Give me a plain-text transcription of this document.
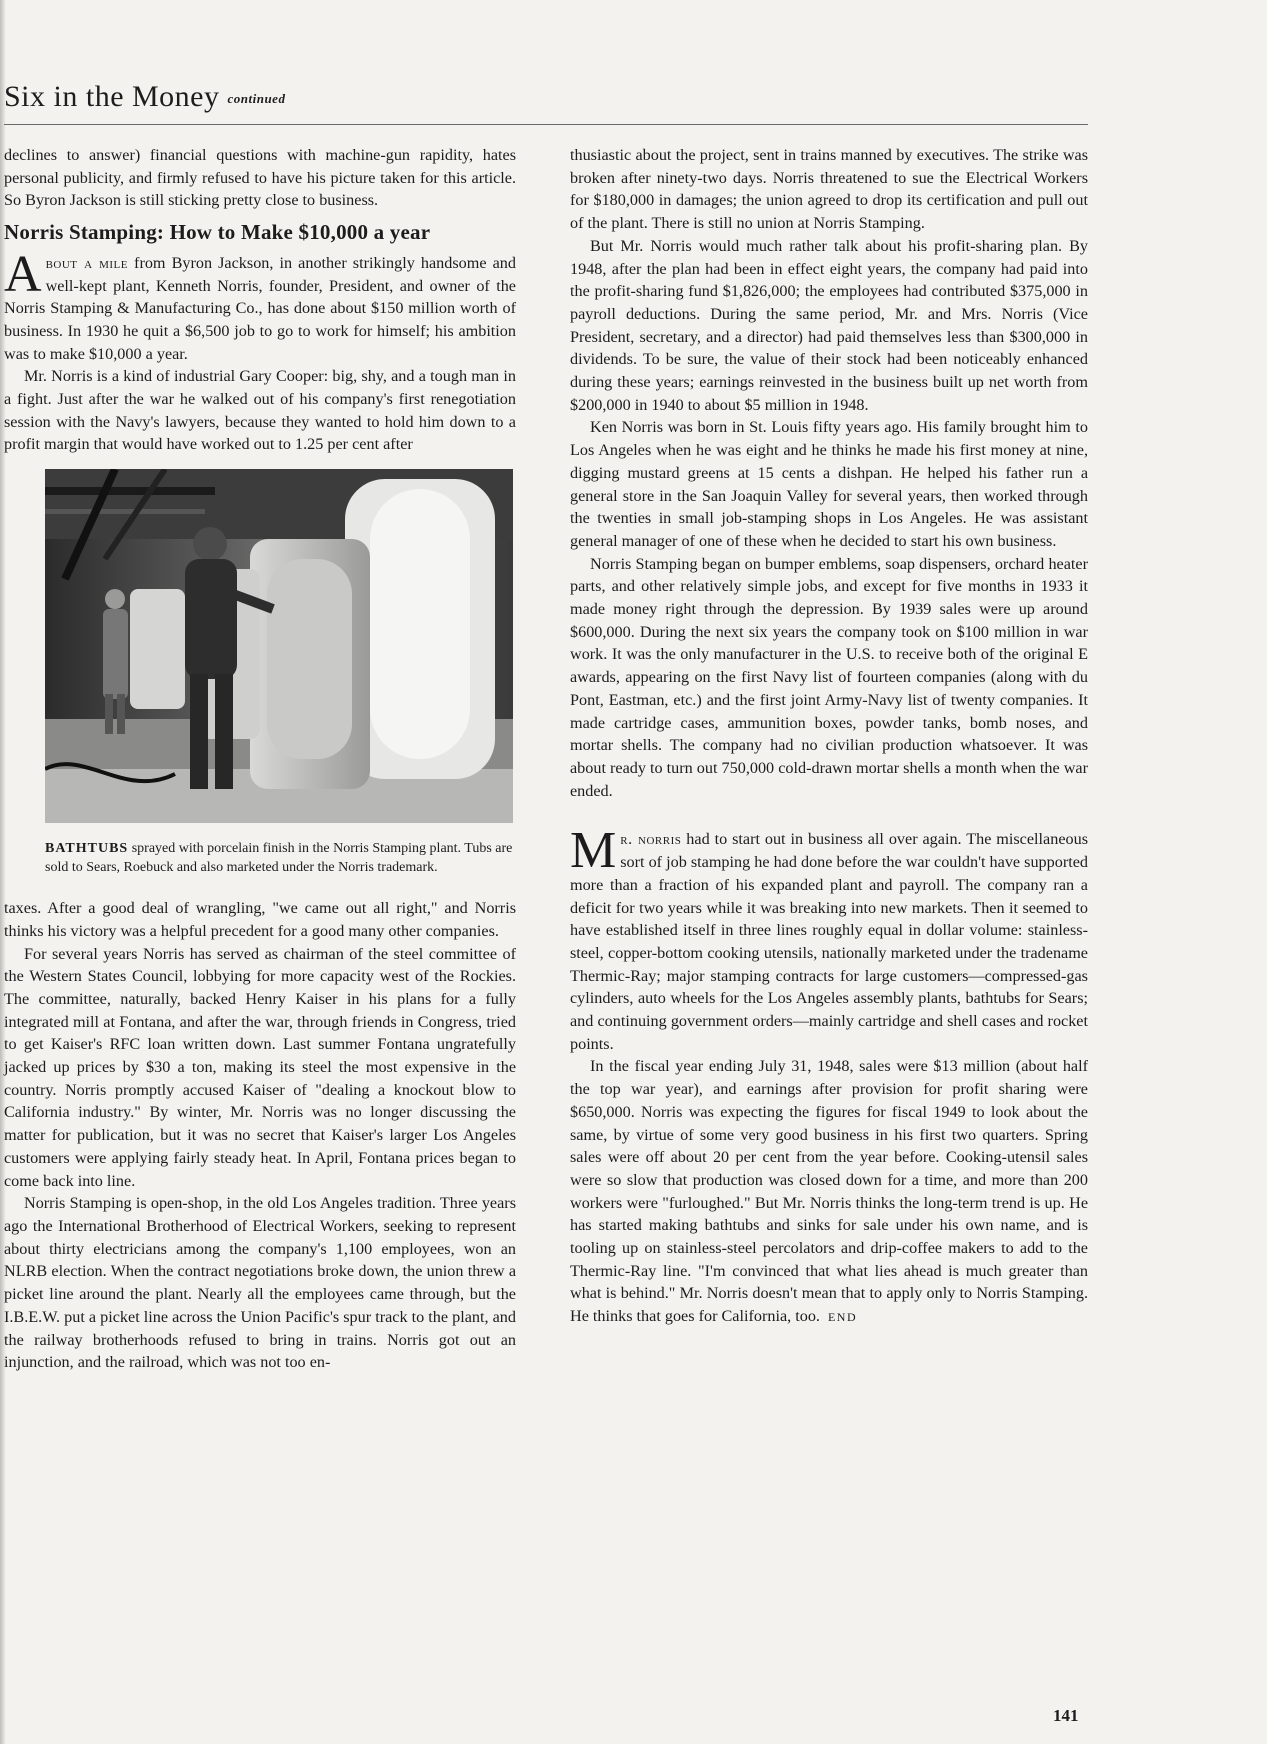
Six in the Money continued

declines to answer) financial questions with machine-gun rapidity, hates personal publicity, and firmly refused to have his picture taken for this article. So Byron Jackson is still sticking pretty close to business.

Norris Stamping: How to Make $10,000 a year

About a mile from Byron Jackson, in another strikingly handsome and well-kept plant, Kenneth Norris, founder, President, and owner of the Norris Stamping & Manufacturing Co., has done about $150 million worth of business. In 1930 he quit a $6,500 job to go to work for himself; his ambition was to make $10,000 a year.

Mr. Norris is a kind of industrial Gary Cooper: big, shy, and a tough man in a fight. Just after the war he walked out of his company's first renegotiation session with the Navy's lawyers, because they wanted to hold him down to a profit margin that would have worked out to 1.25 per cent after

BATHTUBS sprayed with porcelain finish in the Norris Stamping plant. Tubs are sold to Sears, Roebuck and also marketed under the Norris trademark.

taxes. After a good deal of wrangling, "we came out all right," and Norris thinks his victory was a helpful precedent for a good many other companies.

For several years Norris has served as chairman of the steel committee of the Western States Council, lobbying for more capacity west of the Rockies. The committee, naturally, backed Henry Kaiser in his plans for a fully integrated mill at Fontana, and after the war, through friends in Congress, tried to get Kaiser's RFC loan written down. Last summer Fontana ungratefully jacked up prices by $30 a ton, making its steel the most expensive in the country. Norris promptly accused Kaiser of "dealing a knockout blow to California industry." By winter, Mr. Norris was no longer discussing the matter for publication, but it was no secret that Kaiser's larger Los Angeles customers were applying fairly steady heat. In April, Fontana prices began to come back into line.

Norris Stamping is open-shop, in the old Los Angeles tradition. Three years ago the International Brotherhood of Electrical Workers, seeking to represent about thirty electricians among the company's 1,100 employees, won an NLRB election. When the contract negotiations broke down, the union threw a picket line around the plant. Nearly all the employees came through, but the I.B.E.W. put a picket line across the Union Pacific's spur track to the plant, and the railway brotherhoods refused to bring in trains. Norris got out an injunction, and the railroad, which was not too en-

thusiastic about the project, sent in trains manned by executives. The strike was broken after ninety-two days. Norris threatened to sue the Electrical Workers for $180,000 in damages; the union agreed to drop its certification and pull out of the plant. There is still no union at Norris Stamping.

But Mr. Norris would much rather talk about his profit-sharing plan. By 1948, after the plan had been in effect eight years, the company had paid into the profit-sharing fund $1,826,000; the employees had contributed $375,000 in payroll deductions. During the same period, Mr. and Mrs. Norris (Vice President, secretary, and a director) had paid themselves less than $300,000 in dividends. To be sure, the value of their stock had been noticeably enhanced during these years; earnings reinvested in the business built up net worth from $200,000 in 1940 to about $5 million in 1948.

Ken Norris was born in St. Louis fifty years ago. His family brought him to Los Angeles when he was eight and he thinks he made his first money at nine, digging mustard greens at 15 cents a dishpan. He helped his father run a general store in the San Joaquin Valley for several years, then worked through the twenties in small job-stamping shops in Los Angeles. He was assistant general manager of one of these when he decided to start his own business.

Norris Stamping began on bumper emblems, soap dispensers, orchard heater parts, and other relatively simple jobs, and except for five months in 1933 it made money right through the depression. By 1939 sales were up around $600,000. During the next six years the company took on $100 million in war work. It was the only manufacturer in the U.S. to receive both of the original E awards, appearing on the first Navy list of fourteen companies (along with du Pont, Eastman, etc.) and the first joint Army-Navy list of twenty companies. It made cartridge cases, ammunition boxes, powder tanks, bomb noses, and mortar shells. The company had no civilian production whatsoever. It was about ready to turn out 750,000 cold-drawn mortar shells a month when the war ended.

Mr. norris had to start out in business all over again. The miscellaneous sort of job stamping he had done before the war couldn't have supported more than a fraction of his expanded plant and payroll. The company ran a deficit for two years while it was breaking into new markets. Then it seemed to have established itself in three lines roughly equal in dollar volume: stainless-steel, copper-bottom cooking utensils, nationally marketed under the tradename Thermic-Ray; major stamping contracts for large customers—compressed-gas cylinders, auto wheels for the Los Angeles assembly plants, bathtubs for Sears; and continuing government orders—mainly cartridge and shell cases and rocket points.

In the fiscal year ending July 31, 1948, sales were $13 million (about half the top war year), and earnings after provision for profit sharing were $650,000. Norris was expecting the figures for fiscal 1949 to look about the same, by virtue of some very good business in his first two quarters. Spring sales were off about 20 per cent from the year before. Cooking-utensil sales were so slow that production was closed down for a time, and more than 200 workers were "furloughed." But Mr. Norris thinks the long-term trend is up. He has started making bathtubs and sinks for sale under his own name, and is tooling up on stainless-steel percolators and drip-coffee makers to add to the Thermic-Ray line. "I'm convinced that what lies ahead is much greater than what is behind." Mr. Norris doesn't mean that to apply only to Norris Stamping. He thinks that goes for California, too. END

141
